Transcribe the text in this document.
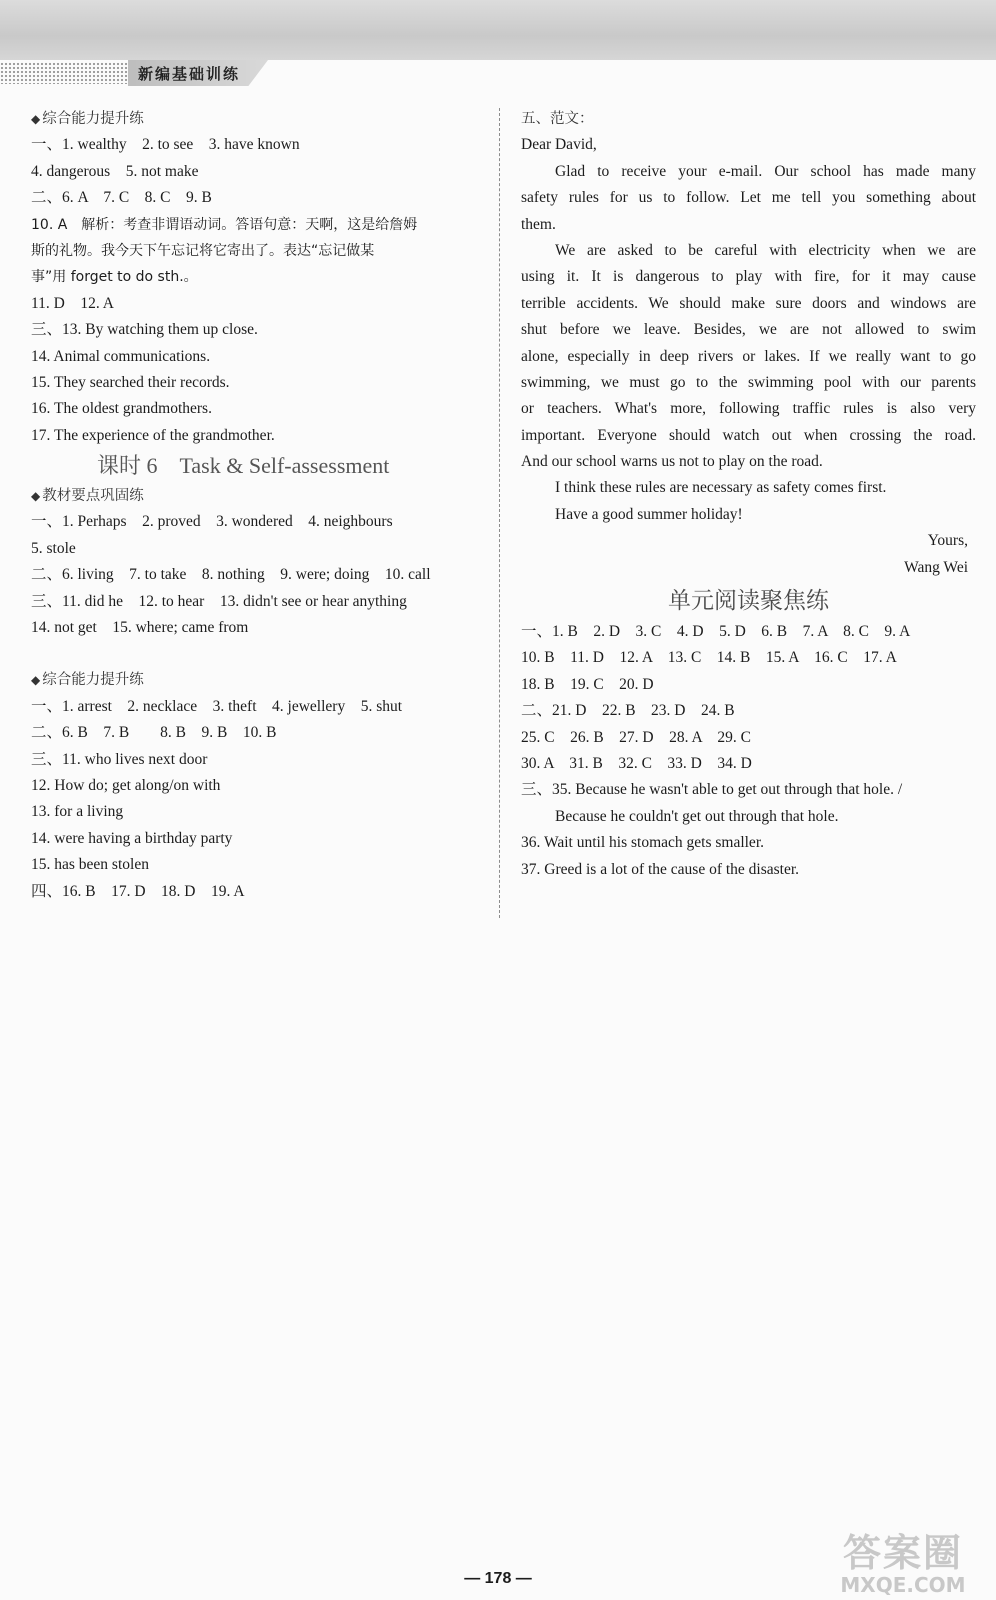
新编基础训练
◆ 综合能力提升练
一、1. wealthy　2. to see　3. have known
4. dangerous　5. not make
二、6. A　7. C　8. C　9. B
10. A　解析：考查非谓语动词。答语句意：天啊，这是给詹姆
斯的礼物。我今天下午忘记将它寄出了。表达“忘记做某
事”用 forget to do sth.。
11. D　12. A
三、13. By watching them up close.
14. Animal communications.
15. They searched their records.
16. The oldest grandmothers.
17. The experience of the grandmother.
课时 6　Task & Self-assessment
◆ 教材要点巩固练
一、1. Perhaps　2. proved　3. wondered　4. neighbours
5. stole
二、6. living　7. to take　8. nothing　9. were; doing　10. call
三、11. did he　12. to hear　13. didn't see or hear anything
14. not get　15. where; came from
◆ 综合能力提升练
一、1. arrest　2. necklace　3. theft　4. jewellery　5. shut
二、6. B　7. B　　8. B　9. B　10. B
三、11. who lives next door
12. How do; get along/on with
13. for a living
14. were having a birthday party
15. has been stolen
四、16. B　17. D　18. D　19. A
五、范文：
Dear David,
Glad to receive your e-mail. Our school has made many
safety rules for us to follow. Let me tell you something about
them.
We are asked to be careful with electricity when we are
using it. It is dangerous to play with fire, for it may cause
terrible accidents. We should make sure doors and windows are
shut before we leave. Besides, we are not allowed to swim
alone, especially in deep rivers or lakes. If we really want to go
swimming, we must go to the swimming pool with our parents
or teachers. What's more, following traffic rules is also very
important. Everyone should watch out when crossing the road.
And our school warns us not to play on the road.
I think these rules are necessary as safety comes first.
Have a good summer holiday!
Yours,
Wang Wei
单元阅读聚焦练
一、1. B　2. D　3. C　4. D　5. D　6. B　7. A　8. C　9. A
10. B　11. D　12. A　13. C　14. B　15. A　16. C　17. A
18. B　19. C　20. D
二、21. D　22. B　23. D　24. B
25. C　26. B　27. D　28. A　29. C
30. A　31. B　32. C　33. D　34. D
三、35. Because he wasn't able to get out through that hole. /
Because he couldn't get out through that hole.
36. Wait until his stomach gets smaller.
37. Greed is a lot of the cause of the disaster.
— 178 —
答案圈
MXQE.COM
